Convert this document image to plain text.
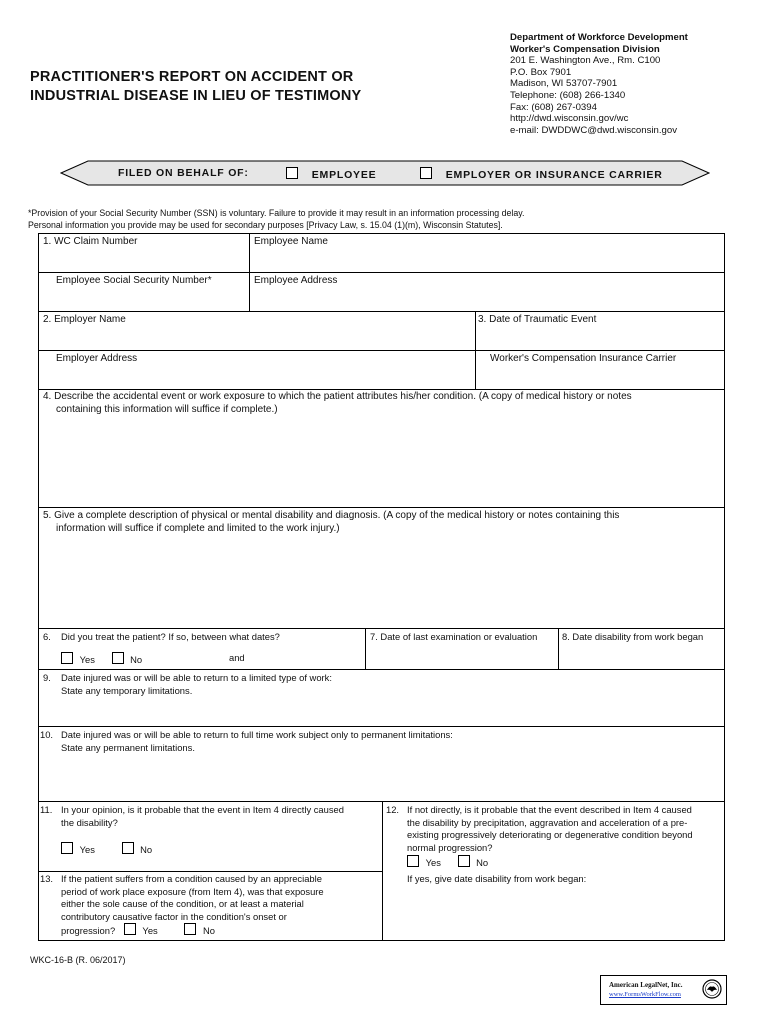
PRACTITIONER'S REPORT ON ACCIDENT OR
INDUSTRIAL DISEASE IN LIEU OF TESTIMONY
Department of Workforce Development
Worker's Compensation Division
201 E. Washington Ave., Rm. C100
P.O. Box 7901
Madison, WI 53707-7901
Telephone: (608) 266-1340
Fax: (608) 267-0394
http://dwd.wisconsin.gov/wc
e-mail: DWDDWC@dwd.wisconsin.gov
FILED ON BEHALF OF:	EMPLOYEE	EMPLOYER OR INSURANCE CARRIER
*Provision of your Social Security Number (SSN) is voluntary. Failure to provide it may result in an information processing delay.
Personal information you provide may be used for secondary purposes [Privacy Law, s. 15.04 (1)(m), Wisconsin Statutes].
1. WC Claim Number	Employee Name
Employee Social Security Number*	Employee Address
2. Employer Name	3. Date of Traumatic Event
Employer Address	Worker's Compensation Insurance Carrier
4. Describe the accidental event or work exposure to which the patient attributes his/her condition. (A copy of medical history or notes
containing this information will suffice if complete.)
5. Give a complete description of physical or mental disability and diagnosis. (A copy of the medical history or notes containing this
information will suffice if complete and limited to the work injury.)
6. Did you treat the patient? If so, between what dates?
Yes	No	and
7. Date of last examination or evaluation	8. Date disability from work began
9. Date injured was or will be able to return to a limited type of work:
State any temporary limitations.
10. Date injured was or will be able to return to full time work subject only to permanent limitations:
State any permanent limitations.
11. In your opinion, is it probable that the event in Item 4 directly caused
the disability?
Yes	No
12. If not directly, is it probable that the event described in Item 4 caused
the disability by precipitation, aggravation and acceleration of a pre-
existing progressively deteriorating or degenerative condition beyond
normal progression?
Yes	No
If yes, give date disability from work began:
13. If the patient suffers from a condition caused by an appreciable
period of work place exposure (from Item 4), was that exposure
either the sole cause of the condition, or at least a material
contributory causative factor in the condition's onset or
progression?	Yes	No
WKC-16-B (R. 06/2017)
American LegalNet, Inc.
www.FormsWorkFlow.com
